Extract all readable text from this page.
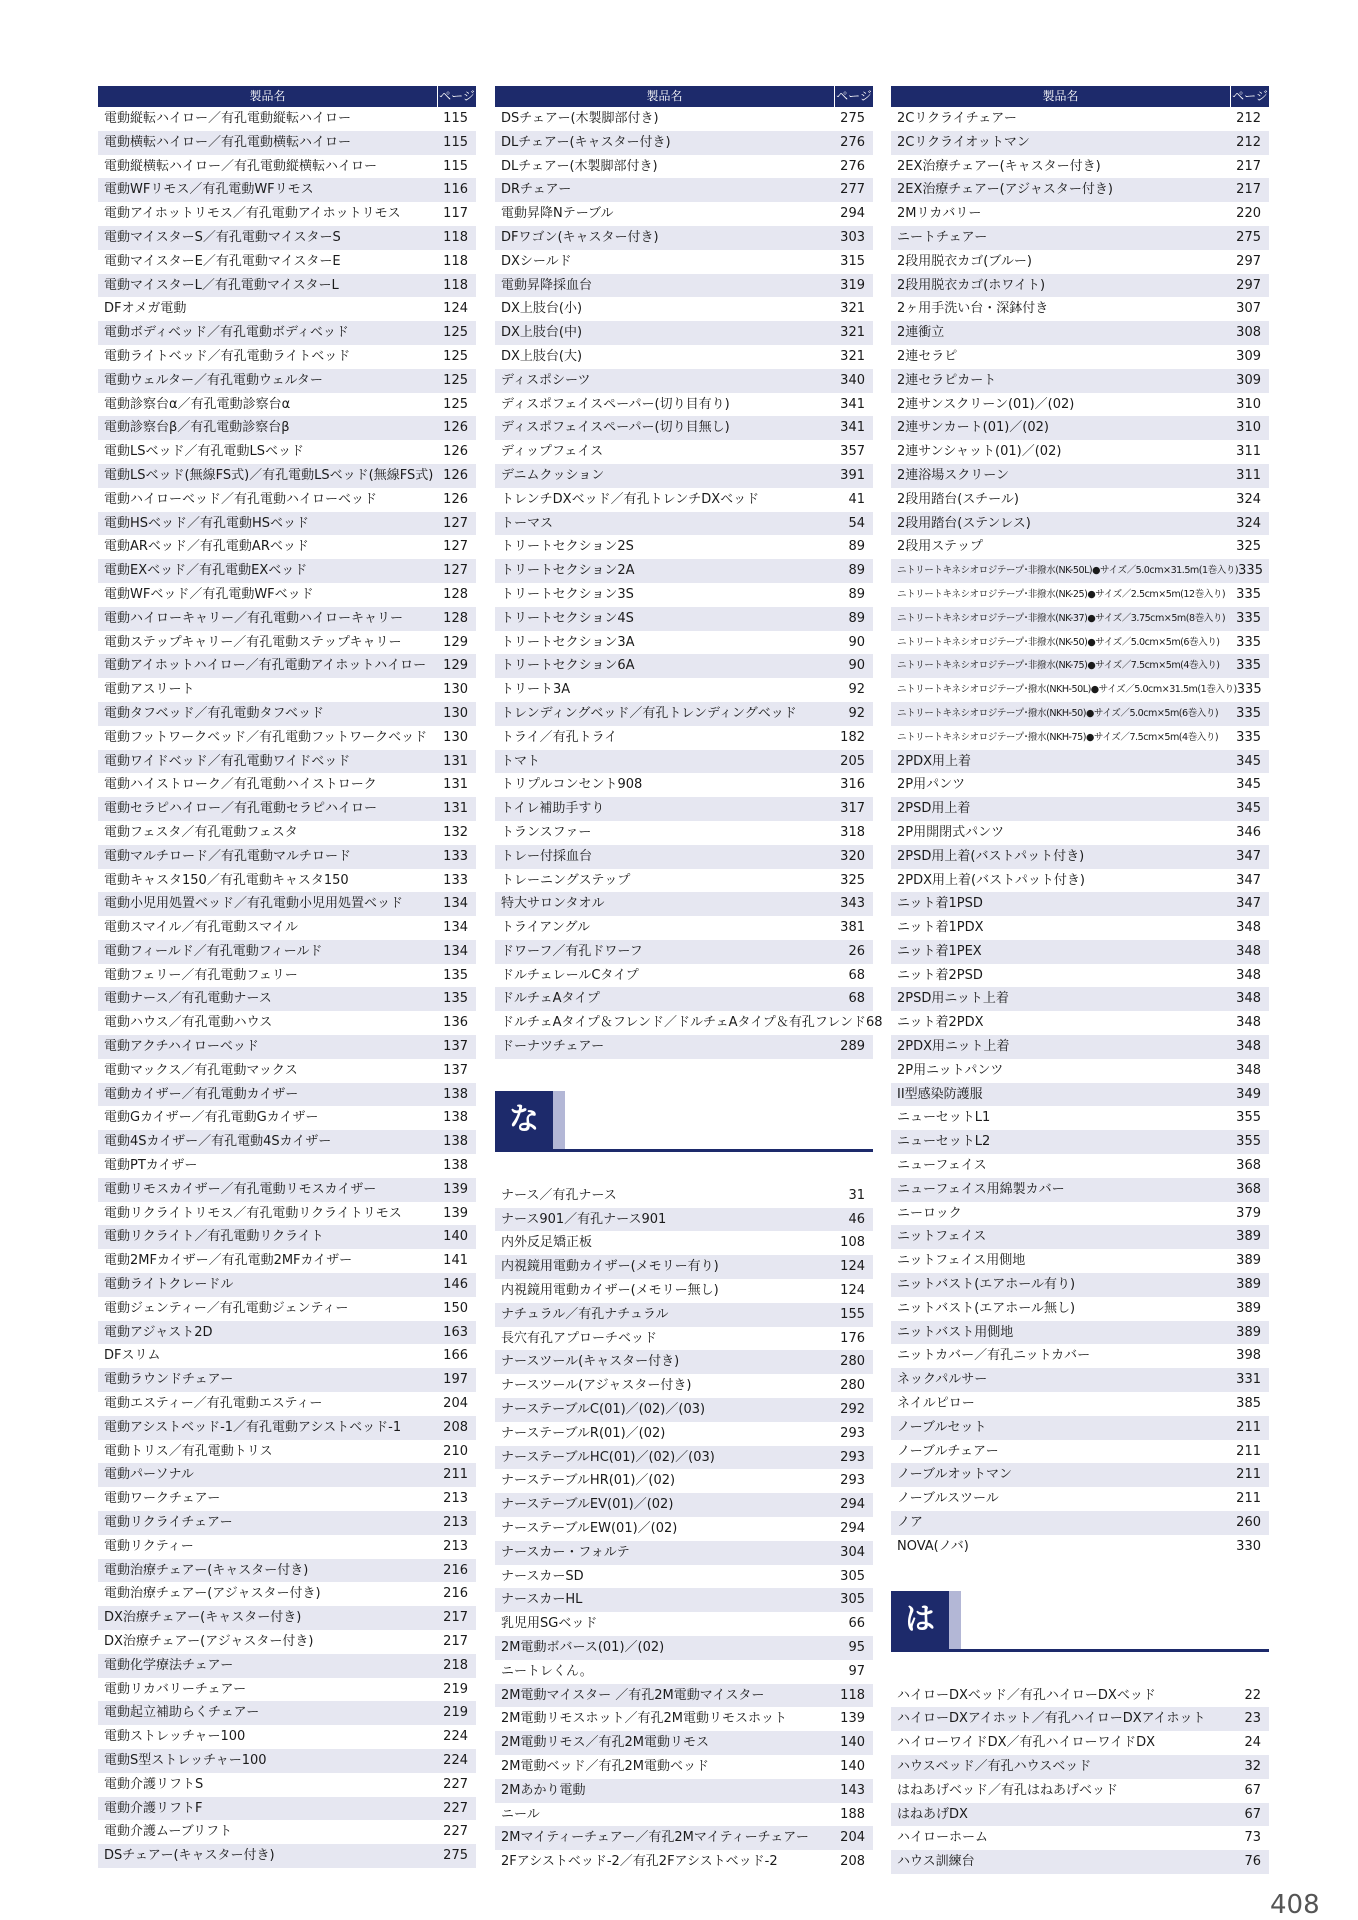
製品名	ページ
電動縦転ハイロー／有孔電動縦転ハイロー	115
電動横転ハイロー／有孔電動横転ハイロー	115
電動縦横転ハイロー／有孔電動縦横転ハイロー	115
電動WFリモス／有孔電動WFリモス	116
電動アイホットリモス／有孔電動アイホットリモス	117
電動マイスターS／有孔電動マイスターS	118
電動マイスターE／有孔電動マイスターE	118
電動マイスターL／有孔電動マイスターL	118
DFオメガ電動	124
電動ボディベッド／有孔電動ボディベッド	125
電動ライトベッド／有孔電動ライトベッド	125
電動ウェルター／有孔電動ウェルター	125
電動診察台α／有孔電動診察台α	125
電動診察台β／有孔電動診察台β	126
電動LSベッド／有孔電動LSベッド	126
電動LSベッド(無線FS式)／有孔電動LSベッド(無線FS式) 126
電動ハイローベッド／有孔電動ハイローベッド	126
電動HSベッド／有孔電動HSベッド	127
電動ARベッド／有孔電動ARベッド	127
電動EXベッド／有孔電動EXベッド	127
電動WFベッド／有孔電動WFベッド	128
電動ハイローキャリー／有孔電動ハイローキャリー	128
電動ステップキャリー／有孔電動ステップキャリー	129
電動アイホットハイロー／有孔電動アイホットハイロー	129
電動アスリート	130
電動タフベッド／有孔電動タフベッド	130
電動フットワークベッド／有孔電動フットワークベッド	130
電動ワイドベッド／有孔電動ワイドベッド	131
電動ハイストローク／有孔電動ハイストローク	131
電動セラピハイロー／有孔電動セラピハイロー	131
電動フェスタ／有孔電動フェスタ	132
電動マルチロード／有孔電動マルチロード	133
電動キャスタ150／有孔電動キャスタ150	133
電動小児用処置ベッド／有孔電動小児用処置ベッド	134
電動スマイル／有孔電動スマイル	134
電動フィールド／有孔電動フィールド	134
電動フェリー／有孔電動フェリー	135
電動ナース／有孔電動ナース	135
電動ハウス／有孔電動ハウス	136
電動アクチハイローベッド	137
電動マックス／有孔電動マックス	137
電動カイザー／有孔電動カイザー	138
電動Gカイザー／有孔電動Gカイザー	138
電動4Sカイザー／有孔電動4Sカイザー	138
電動PTカイザー	138
電動リモスカイザー／有孔電動リモスカイザー	139
電動リクライトリモス／有孔電動リクライトリモス	139
電動リクライト／有孔電動リクライト	140
電動2MFカイザー／有孔電動2MFカイザー	141
電動ライトクレードル	146
電動ジェンティー／有孔電動ジェンティー	150
電動アジャスト2D	163
DFスリム	166
電動ラウンドチェアー	197
電動エスティー／有孔電動エスティー	204
電動アシストベッド-1／有孔電動アシストベッド-1	208
電動トリス／有孔電動トリス	210
電動パーソナル	211
電動ワークチェアー	213
電動リクライチェアー	213
電動リクティー	213
電動治療チェアー(キャスター付き)	216
電動治療チェアー(アジャスター付き)	216
DX治療チェアー(キャスター付き)	217
DX治療チェアー(アジャスター付き)	217
電動化学療法チェアー	218
電動リカバリーチェアー	219
電動起立補助らくチェアー	219
電動ストレッチャー100	224
電動S型ストレッチャー100	224
電動介護リフトS	227
電動介護リフトF	227
電動介護ムーブリフト	227
DSチェアー(キャスター付き)	275
製品名	ページ
DSチェアー(木製脚部付き)	275
DLチェアー(キャスター付き)	276
DLチェアー(木製脚部付き)	276
DRチェアー	277
電動昇降Nテーブル	294
DFワゴン(キャスター付き)	303
DXシールド	315
電動昇降採血台	319
DX上肢台(小)	321
DX上肢台(中)	321
DX上肢台(大)	321
ディスポシーツ	340
ディスポフェイスペーパー(切り目有り)	341
ディスポフェイスペーパー(切り目無し)	341
ディップフェイス	357
デニムクッション	391
トレンチDXベッド／有孔トレンチDXベッド	41
トーマス	54
トリートセクション2S	89
トリートセクション2A	89
トリートセクション3S	89
トリートセクション4S	89
トリートセクション3A	90
トリートセクション6A	90
トリート3A	92
トレンディングベッド／有孔トレンディングベッド	92
トライ／有孔トライ	182
トマト	205
トリプルコンセント908	316
トイレ補助手すり	317
トランスファー	318
トレー付採血台	320
トレーニングステップ	325
特大サロンタオル	343
トライアングル	381
ドワーフ／有孔ドワーフ	26
ドルチェレールCタイプ	68
ドルチェAタイプ	68
ドルチェAタイプ＆フレンド／ドルチェAタイプ＆有孔フレンド 68
ドーナツチェアー	289
な
ナース／有孔ナース	31
ナース901／有孔ナース901	46
内外反足矯正板	108
内視鏡用電動カイザー(メモリー有り)	124
内視鏡用電動カイザー(メモリー無し)	124
ナチュラル／有孔ナチュラル	155
長穴有孔アプローチベッド	176
ナースツール(キャスター付き)	280
ナースツール(アジャスター付き)	280
ナーステーブルC(01)／(02)／(03)	292
ナーステーブルR(01)／(02)	293
ナーステーブルHC(01)／(02)／(03)	293
ナーステーブルHR(01)／(02)	293
ナーステーブルEV(01)／(02)	294
ナーステーブルEW(01)／(02)	294
ナースカー・フォルテ	304
ナースカーSD	305
ナースカーHL	305
乳児用SGベッド	66
2M電動ボバース(01)／(02)	95
ニートレくん。	97
2M電動マイスター ／有孔2M電動マイスター	118
2M電動リモスホット／有孔2M電動リモスホット	139
2M電動リモス／有孔2M電動リモス	140
2M電動ベッド／有孔2M電動ベッド	140
2Mあかり電動	143
ニール	188
2Mマイティーチェアー／有孔2Mマイティーチェアー	204
2Fアシストベッド-2／有孔2Fアシストベッド-2	208
製品名	ページ
2Cリクライチェアー	212
2Cリクライオットマン	212
2EX治療チェアー(キャスター付き)	217
2EX治療チェアー(アジャスター付き)	217
2Mリカバリー	220
ニートチェアー	275
2段用脱衣カゴ(ブルー)	297
2段用脱衣カゴ(ホワイト)	297
2ヶ用手洗い台・深鉢付き	307
2連衝立	308
2連セラピ	309
2連セラピカート	309
2連サンスクリーン(01)／(02)	310
2連サンカート(01)／(02)	310
2連サンシャット(01)／(02)	311
2連浴場スクリーン	311
2段用踏台(スチール)	324
2段用踏台(ステンレス)	324
2段用ステップ	325
ニトリートキネシオロジテープ･非撥水(NK-50L)●サイズ／5.0cm×31.5m(1巻入り) 335
ニトリートキネシオロジテープ･非撥水(NK-25)●サイズ／2.5cm×5m(12巻入り) 335
ニトリートキネシオロジテープ･非撥水(NK-37)●サイズ／3.75cm×5m(8巻入り) 335
ニトリートキネシオロジテープ･非撥水(NK-50)●サイズ／5.0cm×5m(6巻入り)	335
ニトリートキネシオロジテープ･非撥水(NK-75)●サイズ／7.5cm×5m(4巻入り)	335
ニトリートキネシオロジテープ･撥水(NKH-50L)●サイズ／5.0cm×31.5m(1巻入り) 335
ニトリートキネシオロジテープ･撥水(NKH-50)●サイズ／5.0cm×5m(6巻入り)	335
ニトリートキネシオロジテープ･撥水(NKH-75)●サイズ／7.5cm×5m(4巻入り)	335
2PDX用上着	345
2P用パンツ	345
2PSD用上着	345
2P用開閉式パンツ	346
2PSD用上着(バストパット付き)	347
2PDX用上着(バストパット付き)	347
ニット着1PSD	347
ニット着1PDX	348
ニット着1PEX	348
ニット着2PSD	348
2PSD用ニット上着	348
ニット着2PDX	348
2PDX用ニット上着	348
2P用ニットパンツ	348
II型感染防護服	349
ニューセットL1	355
ニューセットL2	355
ニューフェイス	368
ニューフェイス用綿製カバー	368
ニーロック	379
ニットフェイス	389
ニットフェイス用側地	389
ニットバスト(エアホール有り)	389
ニットバスト(エアホール無し)	389
ニットバスト用側地	389
ニットカバー／有孔ニットカバー	398
ネックパルサー	331
ネイルピロー	385
ノーブルセット	211
ノーブルチェアー	211
ノーブルオットマン	211
ノーブルスツール	211
ノア	260
NOVA(ノバ)	330
は
ハイローDXベッド／有孔ハイローDXベッド	22
ハイローDXアイホット／有孔ハイローDXアイホット	23
ハイローワイドDX／有孔ハイローワイドDX	24
ハウスベッド／有孔ハウスベッド	32
はねあげベッド／有孔はねあげベッド	67
はねあげDX	67
ハイローホーム	73
ハウス訓練台	76
408
